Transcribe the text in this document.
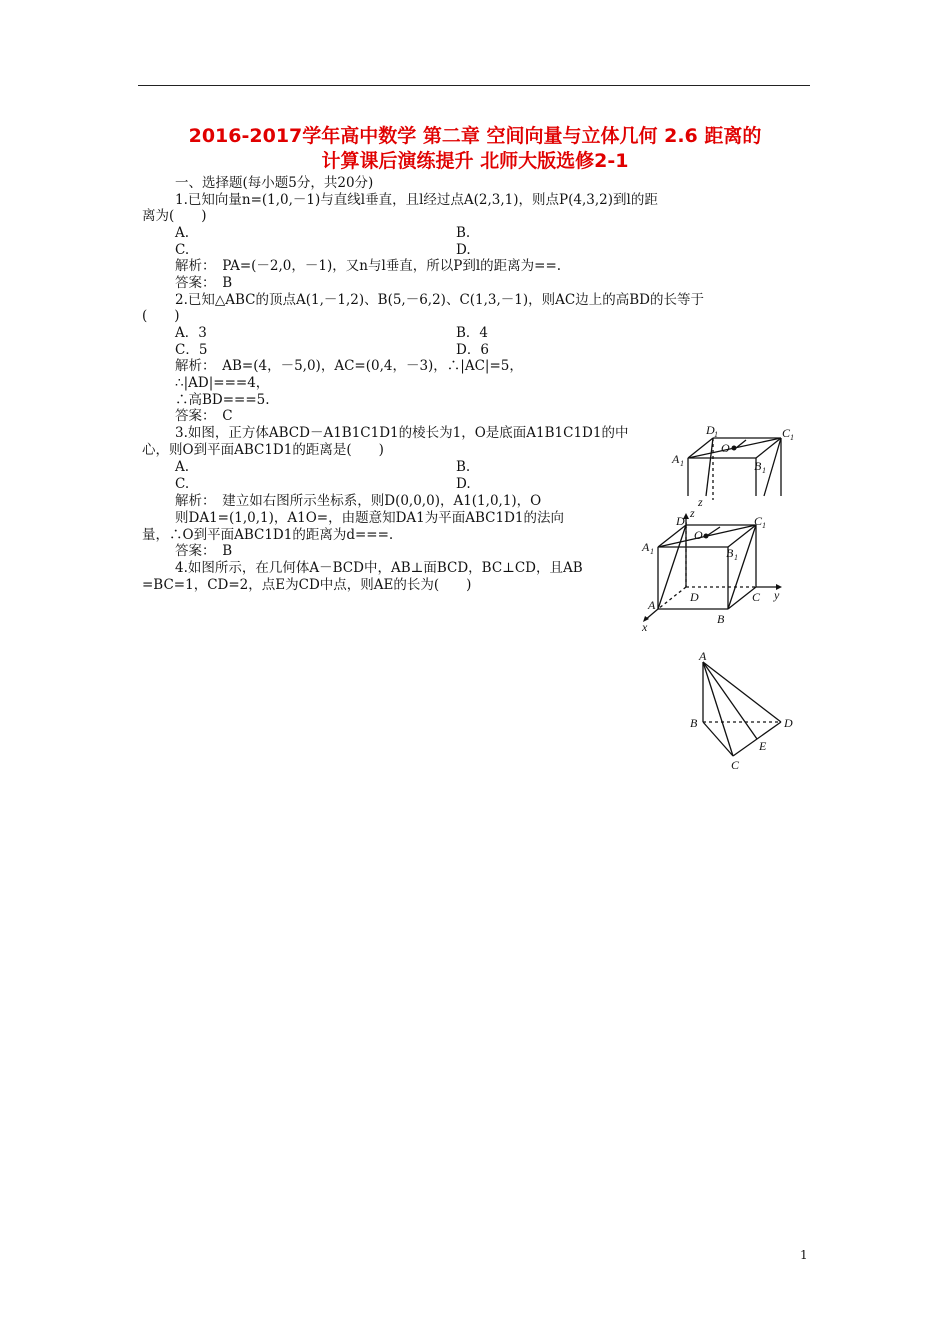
2016-2017学年高中数学 第二章 空间向量与立体几何 2.6 距离的
计算课后演练提升 北师大版选修2-1
一、选择题(每小题5分，共20分)
1.已知向量n=(1,0,－1)与直线l垂直，且l经过点A(2,3,1)，则点P(4,3,2)到l的距
离为(　　)
A.	B.
C.	D.
解析：　PA=(－2,0，－1)，又n与l垂直，所以P到l的距离为==.
答案：　B
2.已知△ABC的顶点A(1,－1,2)、B(5,－6,2)、C(1,3,－1)，则AC边上的高BD的长等于
(　　)
A．3	B．4
C．5	D．6
解析：　AB=(4，－5,0)，AC=(0,4，－3)，∴|AC|=5，
∴|AD|===4，
∴高BD===5.
答案：　C
3.如图，正方体ABCD－A1B1C1D1的棱长为1，O是底面A1B1C1D1的中
心，则O到平面ABC1D1的距离是(　　)
A.	B.
C.	D.
解析：　建立如右图所示坐标系，则D(0,0,0)，A1(1,0,1)，O
则DA1=(1,0,1)，A1O=，由题意知DA1为平面ABC1D1的法向
量，∴O到平面ABC1D1的距离为d===.
答案：　B
4.如图所示，在几何体A－BCD中，AB⊥面BCD，BC⊥CD，且AB
=BC=1，CD=2，点E为CD中点，则AE的长为(　　)
A 1	B 1
C 1
D 1
O
z
A 1	B 1
C 1
D 1
O
A
B
C
D
x
y
z
A
B
C
D
E
1
